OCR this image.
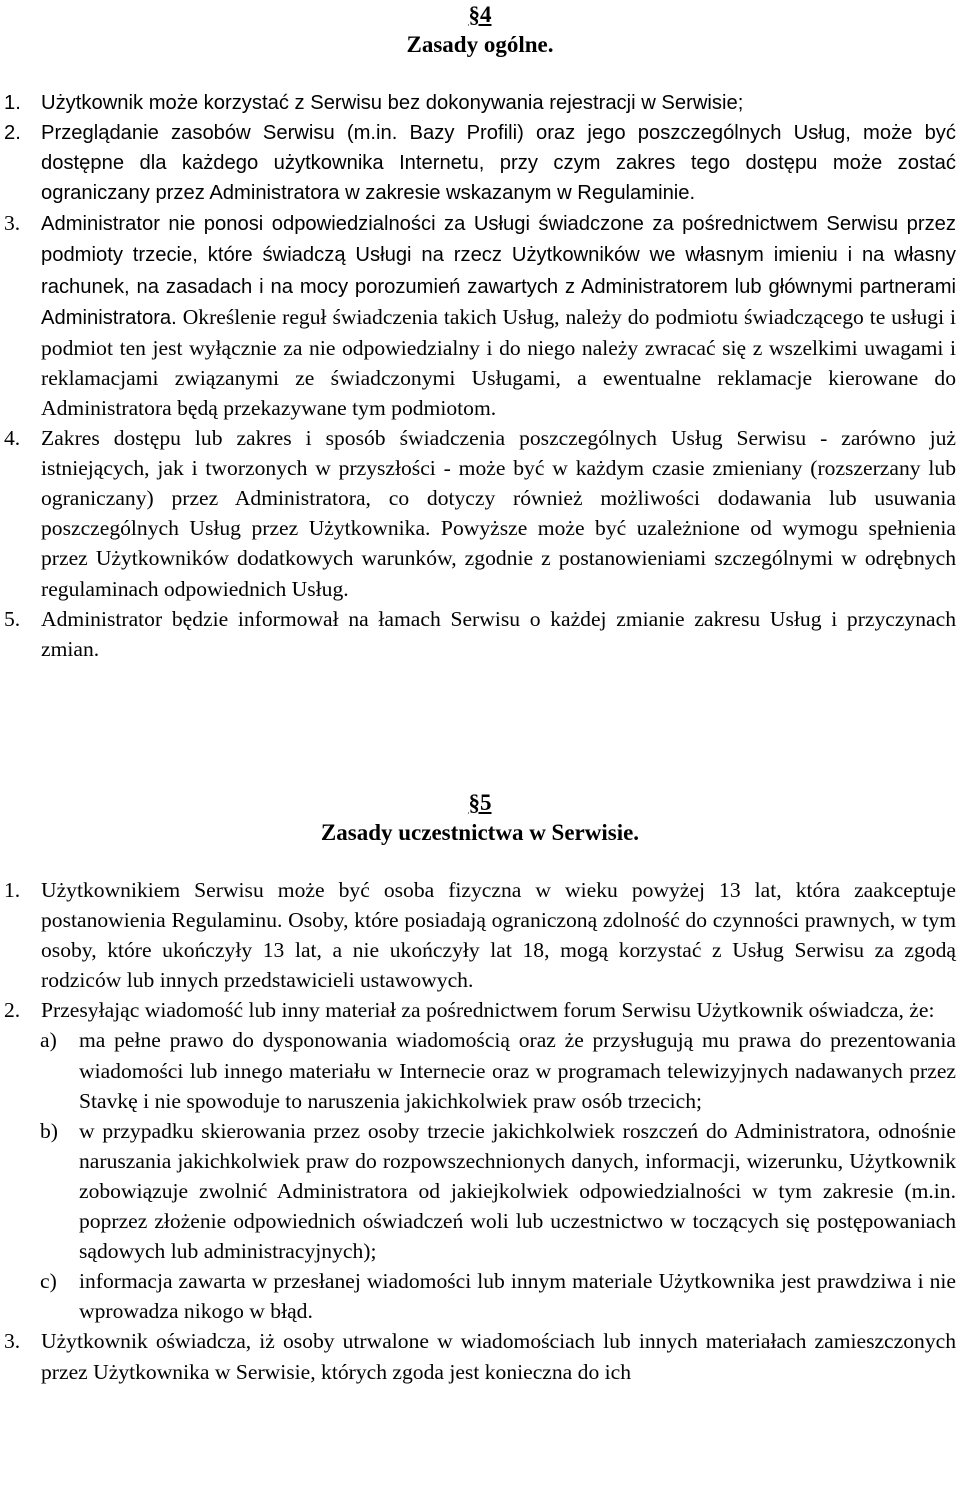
§4
Zasady ogólne.
1. Użytkownik może korzystać z Serwisu bez dokonywania rejestracji w Serwisie;
2. Przeglądanie zasobów Serwisu (m.in. Bazy Profili) oraz jego poszczególnych Usług, może być dostępne dla każdego użytkownika Internetu, przy czym zakres tego dostępu może zostać ograniczany przez Administratora w zakresie wskazanym w Regulaminie.
3. Administrator nie ponosi odpowiedzialności za Usługi świadczone za pośrednictwem Serwisu przez podmioty trzecie, które świadczą Usługi na rzecz Użytkowników we własnym imieniu i na własny rachunek, na zasadach i na mocy porozumień zawartych z Administratorem lub głównymi partnerami Administratora. Określenie reguł świadczenia takich Usług, należy do podmiotu świadczącego te usługi i podmiot ten jest wyłącznie za nie odpowiedzialny i do niego należy zwracać się z wszelkimi uwagami i reklamacjami związanymi ze świadczonymi Usługami, a ewentualne reklamacje kierowane do Administratora będą przekazywane tym podmiotom.
4. Zakres dostępu lub zakres i sposób świadczenia poszczególnych Usług Serwisu - zarówno już istniejących, jak i tworzonych w przyszłości - może być w każdym czasie zmieniany (rozszerzany lub ograniczany) przez Administratora, co dotyczy również możliwości dodawania lub usuwania poszczególnych Usług przez Użytkownika. Powyższe może być uzależnione od wymogu spełnienia przez Użytkowników dodatkowych warunków, zgodnie z postanowieniami szczególnymi w odrębnych regulaminach odpowiednich Usług.
5. Administrator będzie informował na łamach Serwisu o każdej zmianie zakresu Usług i przyczynach zmian.
§5
Zasady uczestnictwa w Serwisie.
1. Użytkownikiem Serwisu może być osoba fizyczna w wieku powyżej 13 lat, która zaakceptuje postanowienia Regulaminu. Osoby, które posiadają ograniczoną zdolność do czynności prawnych, w tym osoby, które ukończyły 13 lat, a nie ukończyły lat 18, mogą korzystać z Usług Serwisu za zgodą rodziców lub innych przedstawicieli ustawowych.
2. Przesyłając wiadomość lub inny materiał za pośrednictwem forum Serwisu Użytkownik oświadcza, że:
a) ma pełne prawo do dysponowania wiadomością oraz że przysługują mu prawa do prezentowania wiadomości lub innego materiału w Internecie oraz w programach telewizyjnych nadawanych przez Stavkę i nie spowoduje to naruszenia jakichkolwiek praw osób trzecich;
b) w przypadku skierowania przez osoby trzecie jakichkolwiek roszczeń do Administratora, odnośnie naruszania jakichkolwiek praw do rozpowszechnionych danych, informacji, wizerunku, Użytkownik zobowiązuje zwolnić Administratora od jakiejkolwiek odpowiedzialności w tym zakresie (m.in. poprzez złożenie odpowiednich oświadczeń woli lub uczestnictwo w toczących się postępowaniach sądowych lub administracyjnych);
c) informacja zawarta w przesłanej wiadomości lub innym materiale Użytkownika jest prawdziwa i nie wprowadza nikogo w błąd.
3. Użytkownik oświadcza, iż osoby utrwalone w wiadomościach lub innych materiałach zamieszczonych przez Użytkownika w Serwisie, których zgoda jest konieczna do ich
